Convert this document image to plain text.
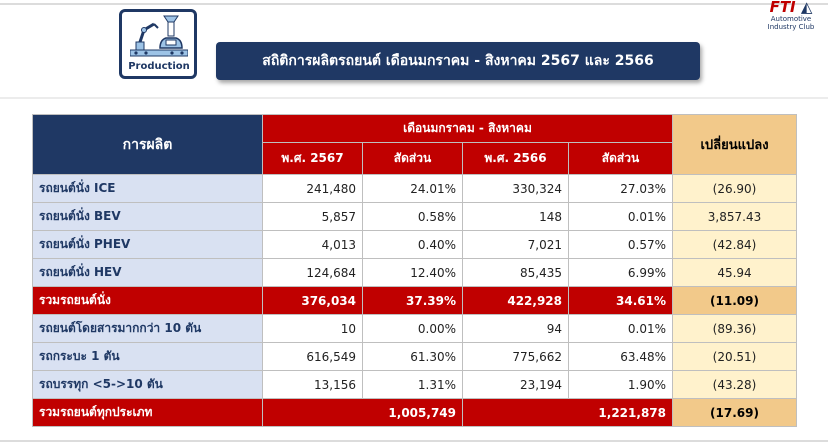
Production	สถิติการผลิตรถยนต์ เดือนมกราคม - สิงหาคม 2567 และ 2566
FTI ◭
Automotive
Industry Club
การผลิต	เดือนมกราคม - สิงหาคม				เปลี่ยนแปลง
	พ.ศ. 2567	สัดส่วน	พ.ศ. 2566	สัดส่วน	
รถยนต์นั่ง ICE	241,480	24.01%	330,324	27.03%	(26.90)
รถยนต์นั่ง BEV	5,857	0.58%	148	0.01%	3,857.43
รถยนต์นั่ง PHEV	4,013	0.40%	7,021	0.57%	(42.84)
รถยนต์นั่ง HEV	124,684	12.40%	85,435	6.99%	45.94
รวมรถยนต์นั่ง	376,034	37.39%	422,928	34.61%	(11.09)
รถยนต์โดยสารมากกว่า 10 ตัน	10	0.00%	94	0.01%	(89.36)
รถกระบะ 1 ตัน	616,549	61.30%	775,662	63.48%	(20.51)
รถบรรทุก <5->10 ตัน	13,156	1.31%	23,194	1.90%	(43.28)
รวมรถยนต์ทุกประเภท	1,005,749		1,221,878		(17.69)
